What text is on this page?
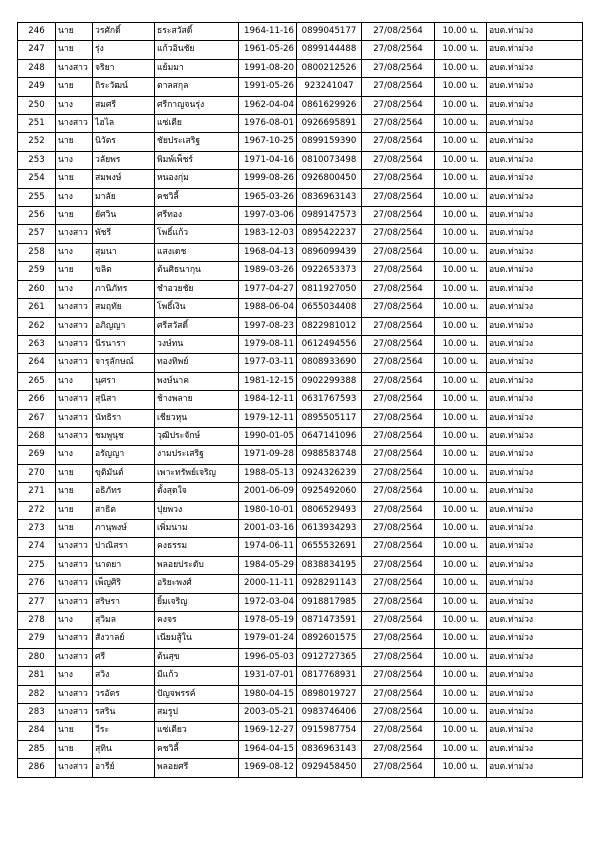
246	นาย	วรศักดิ์	ธระสวัสดิ์	1964-11-16	0899045177	27/08/2564	10.00 น.	อบต.ท่าม่วง
247	นาย	รุ่ง	แก้วอินชัย	1961-05-26	0899144488	27/08/2564	10.00 น.	อบต.ท่าม่วง
248	นางสาว	จริยา	แย้มมา	1991-08-20	0800212526	27/08/2564	10.00 น.	อบต.ท่าม่วง
249	นาย	ถิระวัฒน์	ตาลสกุล	1991-05-26	923241047	27/08/2564	10.00 น.	อบต.ท่าม่วง
250	นาง	สมศรี	ศรีกาญจนรุ่ง	1962-04-04	0861629926	27/08/2564	10.00 น.	อบต.ท่าม่วง
251	นางสาว	ไฮไล	แซ่เตีย	1976-08-01	0926695891	27/08/2564	10.00 น.	อบต.ท่าม่วง
252	นาย	นิวัตร	ชัยประเสริฐ	1967-10-25	0899159390	27/08/2564	10.00 น.	อบต.ท่าม่วง
253	นาง	วลัยพร	พิมพ์เพ็ชร์	1971-04-16	0810073498	27/08/2564	10.00 น.	อบต.ท่าม่วง
254	นาย	สมพงษ์	หนองกุ่ม	1999-08-26	0926800450	27/08/2564	10.00 น.	อบต.ท่าม่วง
255	นาง	มาลัย	คชวิลี้	1965-03-26	0836963143	27/08/2564	10.00 น.	อบต.ท่าม่วง
256	นาย	ยัศวิน	ศรีทอง	1997-03-06	0989147573	27/08/2564	10.00 น.	อบต.ท่าม่วง
257	นางสาว	พัชรี	โพธิ์แก้ว	1983-12-03	0895422237	27/08/2564	10.00 น.	อบต.ท่าม่วง
258	นาง	สุมนา	แสงเดช	1968-04-13	0896099439	27/08/2564	10.00 น.	อบต.ท่าม่วง
259	นาย	ขลิต	ต้นศิธนากุน	1989-03-26	0922653373	27/08/2564	10.00 น.	อบต.ท่าม่วง
260	นาง	ภานิภัทร	ชำอวยชัย	1977-04-27	0811927050	27/08/2564	10.00 น.	อบต.ท่าม่วง
261	นางสาว	สมฤทัย	โพธิ์เงิน	1988-06-04	0655034408	27/08/2564	10.00 น.	อบต.ท่าม่วง
262	นางสาว	อภิญญา	ศรีสวัสดิ์	1997-08-23	0822981012	27/08/2564	10.00 น.	อบต.ท่าม่วง
263	นางสาว	นีรนารา	วงษ์ทน	1979-08-11	0612494556	27/08/2564	10.00 น.	อบต.ท่าม่วง
264	นางสาว	จารุลักษณ์	ทองทิพย์	1977-03-11	0808933690	27/08/2564	10.00 น.	อบต.ท่าม่วง
265	นาง	นุศรา	พงษ์นาค	1981-12-15	0902299388	27/08/2564	10.00 น.	อบต.ท่าม่วง
266	นางสาว	สุนิสา	ช้างพลาย	1984-12-11	0631767593	27/08/2564	10.00 น.	อบต.ท่าม่วง
267	นางสาว	นัทธิรา	เชียวหุน	1979-12-11	0895505117	27/08/2564	10.00 น.	อบต.ท่าม่วง
268	นางสาว	ชมพูนุช	วุฒิประจักษ์	1990-01-05	0647141096	27/08/2564	10.00 น.	อบต.ท่าม่วง
269	นาง	อรัญญา	งามประเสริฐ	1971-09-28	0988583748	27/08/2564	10.00 น.	อบต.ท่าม่วง
270	นาย	ขุติมันต์	เพาะทรัพย์เจริญ	1988-05-13	0924326239	27/08/2564	10.00 น.	อบต.ท่าม่วง
271	นาย	อธิภัทร	ตั้งสุดใจ	2001-06-09	0925492060	27/08/2564	10.00 น.	อบต.ท่าม่วง
272	นาย	สาธิต	ปุยพวง	1980-10-01	0806529493	27/08/2564	10.00 น.	อบต.ท่าม่วง
273	นาย	ภานุพงษ์	เพิ่มนาม	2001-03-16	0613934293	27/08/2564	10.00 น.	อบต.ท่าม่วง
274	นางสาว	ปาณิสรา	คงธรรม	1974-06-11	0655532691	27/08/2564	10.00 น.	อบต.ท่าม่วง
275	นางสาว	นาตยา	พลอยประดับ	1984-05-29	0838834195	27/08/2564	10.00 น.	อบต.ท่าม่วง
276	นางสาว	เพ็ญศิริ	อริยะพงศ์	2000-11-11	0928291143	27/08/2564	10.00 น.	อบต.ท่าม่วง
277	นางสาว	สริษรา	ยิ้มเจริญ	1972-03-04	0918817985	27/08/2564	10.00 น.	อบต.ท่าม่วง
278	นาง	สุวิมล	คงจร	1978-05-19	0871473591	27/08/2564	10.00 น.	อบต.ท่าม่วง
279	นางสาว	สังวาลย์	เนียมสู้ใน	1979-01-24	0892601575	27/08/2564	10.00 น.	อบต.ท่าม่วง
280	นางสาว	ศรี	ต้นสุข	1996-05-03	0912727365	27/08/2564	10.00 น.	อบต.ท่าม่วง
281	นาง	สวิง	มีแก้ว	1931-07-01	0817768931	27/08/2564	10.00 น.	อบต.ท่าม่วง
282	นางสาว	วรอัตร	ปัญจพรรค์	1980-04-15	0898019727	27/08/2564	10.00 น.	อบต.ท่าม่วง
283	นางสาว	รสริน	สมรูป	2003-05-21	0983746406	27/08/2564	10.00 น.	อบต.ท่าม่วง
284	นาย	วีระ	แซ่เตียว	1969-12-27	0915987754	27/08/2564	10.00 น.	อบต.ท่าม่วง
285	นาย	สุทิน	คชวิลี้	1964-04-15	0836963143	27/08/2564	10.00 น.	อบต.ท่าม่วง
286	นางสาว	อารีย์	พลอยศรี	1969-08-12	0929458450	27/08/2564	10.00 น.	อบต.ท่าม่วง
